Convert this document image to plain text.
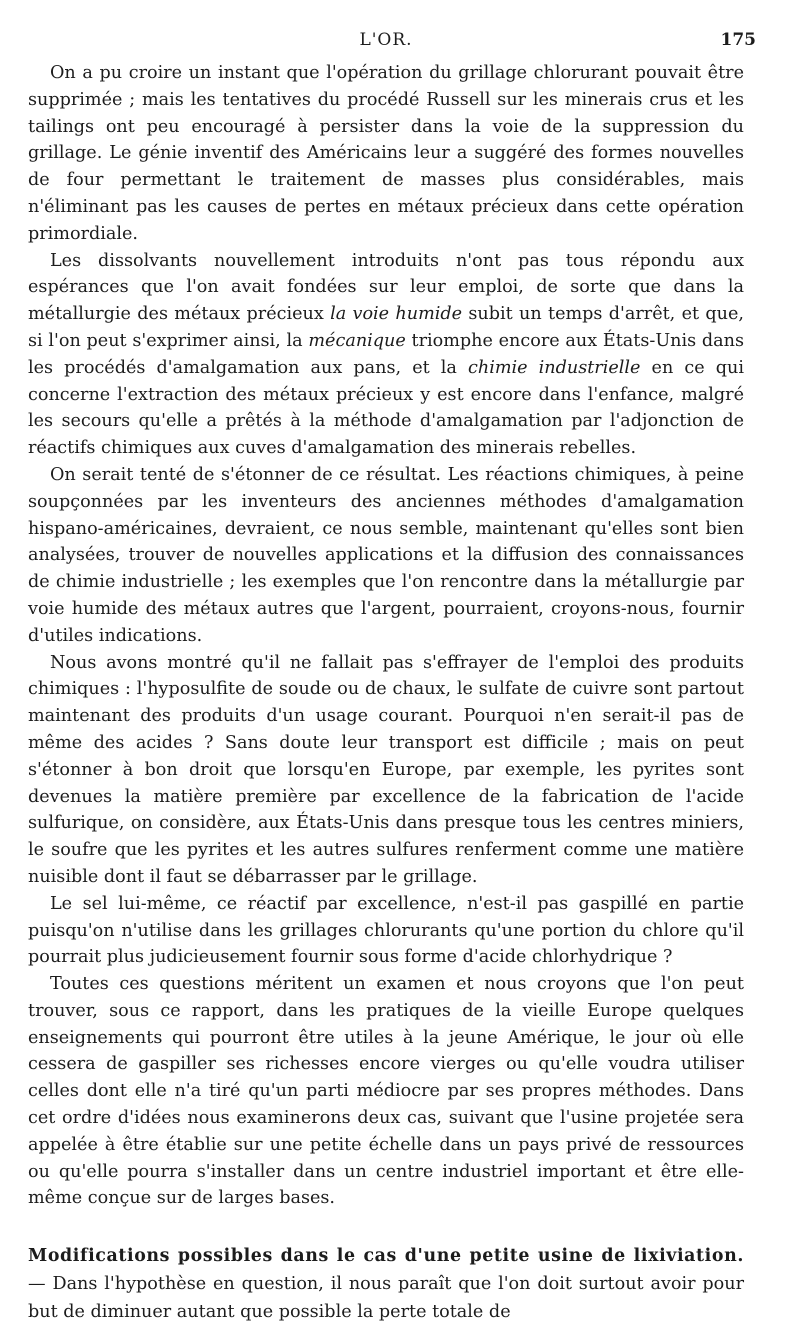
L'OR.	175

On a pu croire un instant que l'opération du grillage chlorurant pouvait être supprimée ; mais les tentatives du procédé Russell sur les minerais crus et les tailings ont peu encouragé à persister dans la voie de la suppression du grillage. Le génie inventif des Américains leur a suggéré des formes nouvelles de four permettant le traitement de masses plus considérables, mais n'éliminant pas les causes de pertes en métaux précieux dans cette opération primordiale.

Les dissolvants nouvellement introduits n'ont pas tous répondu aux espérances que l'on avait fondées sur leur emploi, de sorte que dans la métallurgie des métaux précieux la voie humide subit un temps d'arrêt, et que, si l'on peut s'exprimer ainsi, la mécanique triomphe encore aux États-Unis dans les procédés d'amalgamation aux pans, et la chimie industrielle en ce qui concerne l'extraction des métaux précieux y est encore dans l'enfance, malgré les secours qu'elle a prêtés à la méthode d'amalgamation par l'adjonction de réactifs chimiques aux cuves d'amalgamation des minerais rebelles.

On serait tenté de s'étonner de ce résultat. Les réactions chimiques, à peine soupçonnées par les inventeurs des anciennes méthodes d'amalgamation hispano-américaines, devraient, ce nous semble, maintenant qu'elles sont bien analysées, trouver de nouvelles applications et la diffusion des connaissances de chimie industrielle ; les exemples que l'on rencontre dans la métallurgie par voie humide des métaux autres que l'argent, pourraient, croyons-nous, fournir d'utiles indications.

Nous avons montré qu'il ne fallait pas s'effrayer de l'emploi des produits chimiques : l'hyposulfite de soude ou de chaux, le sulfate de cuivre sont partout maintenant des produits d'un usage courant. Pourquoi n'en serait-il pas de même des acides ? Sans doute leur transport est difficile ; mais on peut s'étonner à bon droit que lorsqu'en Europe, par exemple, les pyrites sont devenues la matière première par excellence de la fabrication de l'acide sulfurique, on considère, aux États-Unis dans presque tous les centres miniers, le soufre que les pyrites et les autres sulfures renferment comme une matière nuisible dont il faut se débarrasser par le grillage.

Le sel lui-même, ce réactif par excellence, n'est-il pas gaspillé en partie puisqu'on n'utilise dans les grillages chlorurants qu'une portion du chlore qu'il pourrait plus judicieusement fournir sous forme d'acide chlorhydrique ?

Toutes ces questions méritent un examen et nous croyons que l'on peut trouver, sous ce rapport, dans les pratiques de la vieille Europe quelques enseignements qui pourront être utiles à la jeune Amérique, le jour où elle cessera de gaspiller ses richesses encore vierges ou qu'elle voudra utiliser celles dont elle n'a tiré qu'un parti médiocre par ses propres méthodes. Dans cet ordre d'idées nous examinerons deux cas, suivant que l'usine projetée sera appelée à être établie sur une petite échelle dans un pays privé de ressources ou qu'elle pourra s'installer dans un centre industriel important et être elle-même conçue sur de larges bases.

Modifications possibles dans le cas d'une petite usine de lixiviation. — Dans l'hypothèse en question, il nous paraît que l'on doit surtout avoir pour but de diminuer autant que possible la perte totale de
